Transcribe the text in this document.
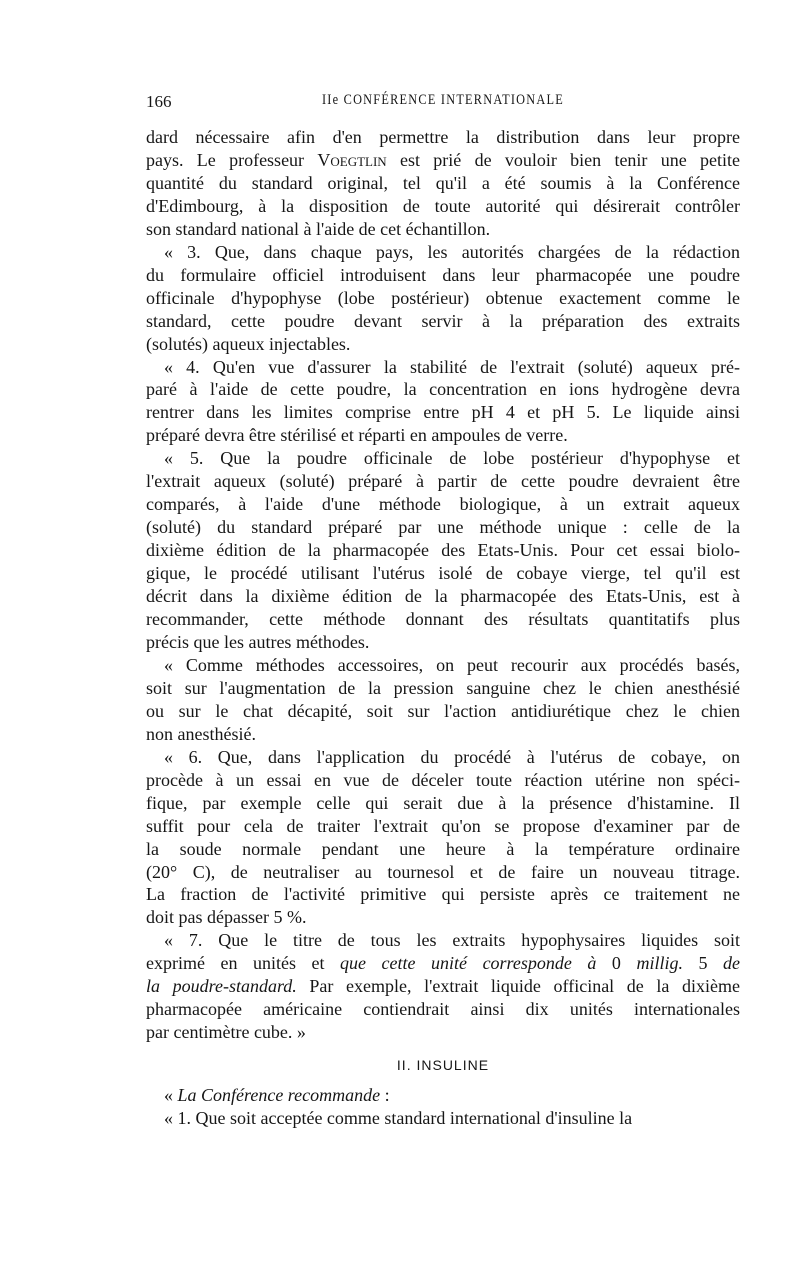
166	IIe CONFÉRENCE INTERNATIONALE
dard nécessaire afin d'en permettre la distribution dans leur propre
pays. Le professeur Voegtlin est prié de vouloir bien tenir une petite
quantité du standard original, tel qu'il a été soumis à la Conférence
d'Edimbourg, à la disposition de toute autorité qui désirerait contrôler
son standard national à l'aide de cet échantillon.
« 3. Que, dans chaque pays, les autorités chargées de la rédaction
du formulaire officiel introduisent dans leur pharmacopée une poudre
officinale d'hypophyse (lobe postérieur) obtenue exactement comme le
standard, cette poudre devant servir à la préparation des extraits
(solutés) aqueux injectables.
« 4. Qu'en vue d'assurer la stabilité de l'extrait (soluté) aqueux pré-
paré à l'aide de cette poudre, la concentration en ions hydrogène devra
rentrer dans les limites comprise entre pH 4 et pH 5. Le liquide ainsi
préparé devra être stérilisé et réparti en ampoules de verre.
« 5. Que la poudre officinale de lobe postérieur d'hypophyse et
l'extrait aqueux (soluté) préparé à partir de cette poudre devraient être
comparés, à l'aide d'une méthode biologique, à un extrait aqueux
(soluté) du standard préparé par une méthode unique : celle de la
dixième édition de la pharmacopée des Etats-Unis. Pour cet essai biolo-
gique, le procédé utilisant l'utérus isolé de cobaye vierge, tel qu'il est
décrit dans la dixième édition de la pharmacopée des Etats-Unis, est à
recommander, cette méthode donnant des résultats quantitatifs plus
précis que les autres méthodes.
« Comme méthodes accessoires, on peut recourir aux procédés basés,
soit sur l'augmentation de la pression sanguine chez le chien anesthésié
ou sur le chat décapité, soit sur l'action antidiurétique chez le chien
non anesthésié.
« 6. Que, dans l'application du procédé à l'utérus de cobaye, on
procède à un essai en vue de déceler toute réaction utérine non spéci-
fique, par exemple celle qui serait due à la présence d'histamine. Il
suffit pour cela de traiter l'extrait qu'on se propose d'examiner par de
la soude normale pendant une heure à la température ordinaire
(20° C), de neutraliser au tournesol et de faire un nouveau titrage.
La fraction de l'activité primitive qui persiste après ce traitement ne
doit pas dépasser 5 %.
« 7. Que le titre de tous les extraits hypophysaires liquides soit
exprimé en unités et que cette unité corresponde à 0 millig. 5 de
la poudre-standard. Par exemple, l'extrait liquide officinal de la dixième
pharmacopée américaine contiendrait ainsi dix unités internationales
par centimètre cube. »
II. INSULINE
« La Conférence recommande :
« 1. Que soit acceptée comme standard international d'insuline la
